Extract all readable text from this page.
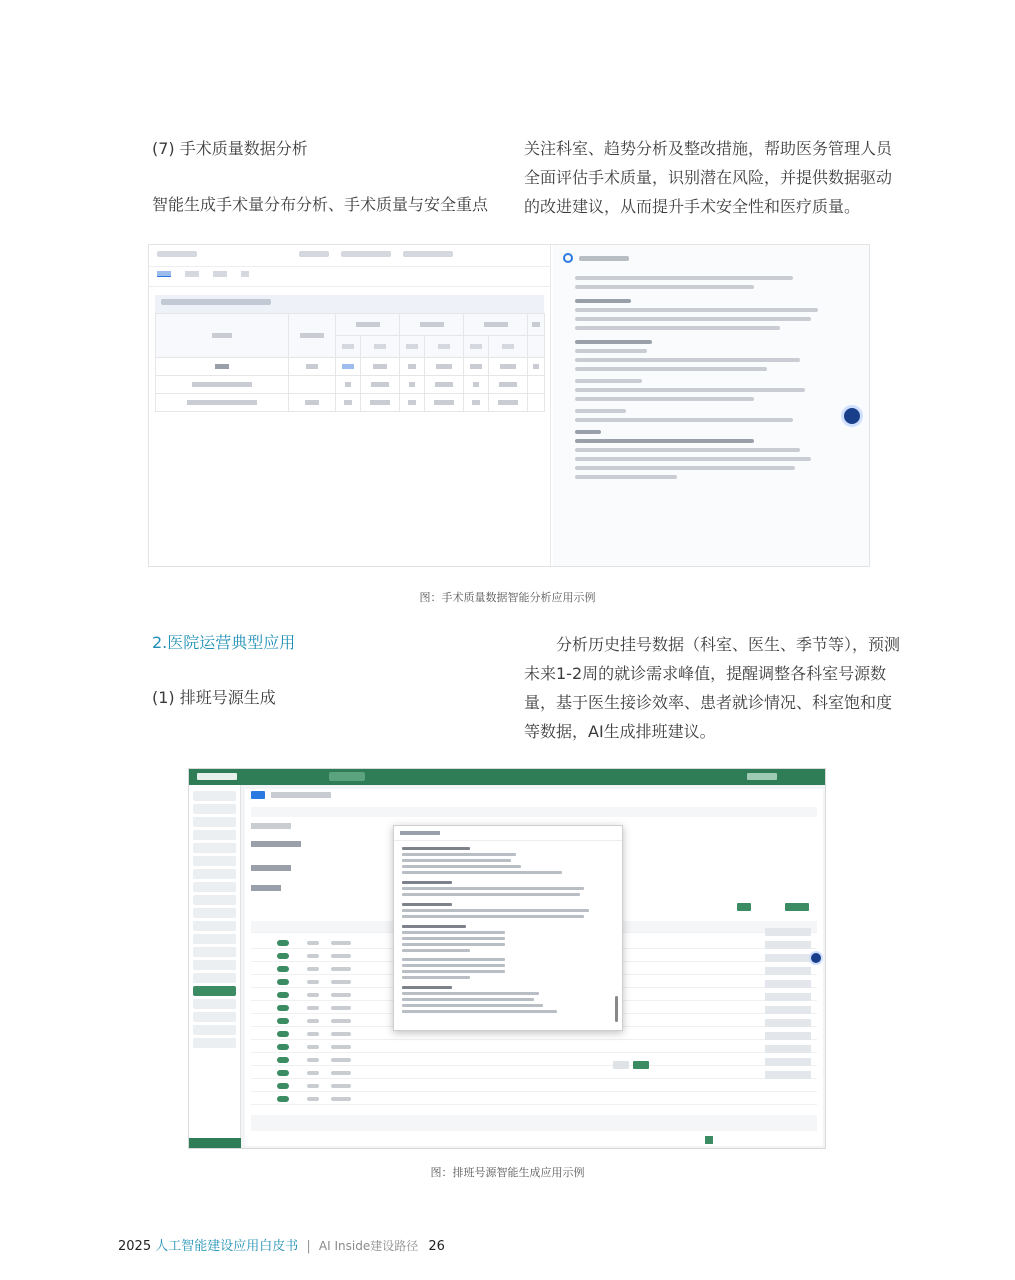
(7) 手术质量数据分析
智能生成手术量分布分析、手术质量与安全重点
关注科室、趋势分析及整改措施，帮助医务管理人员全面评估手术质量，识别潜在风险，并提供数据驱动的改进建议，从而提升手术安全性和医疗质量。

图：手术质量数据智能分析应用示例
2.医院运营典型应用
(1) 排班号源生成
分析历史挂号数据（科室、医生、季节等），预测未来1-2周的就诊需求峰值，提醒调整各科室号源数量，基于医生接诊效率、患者就诊情况、科室饱和度等数据，AI生成排班建议。
图：排班号源智能生成应用示例
2025 人工智能建设应用白皮书 | AI Inside建设路径 26
